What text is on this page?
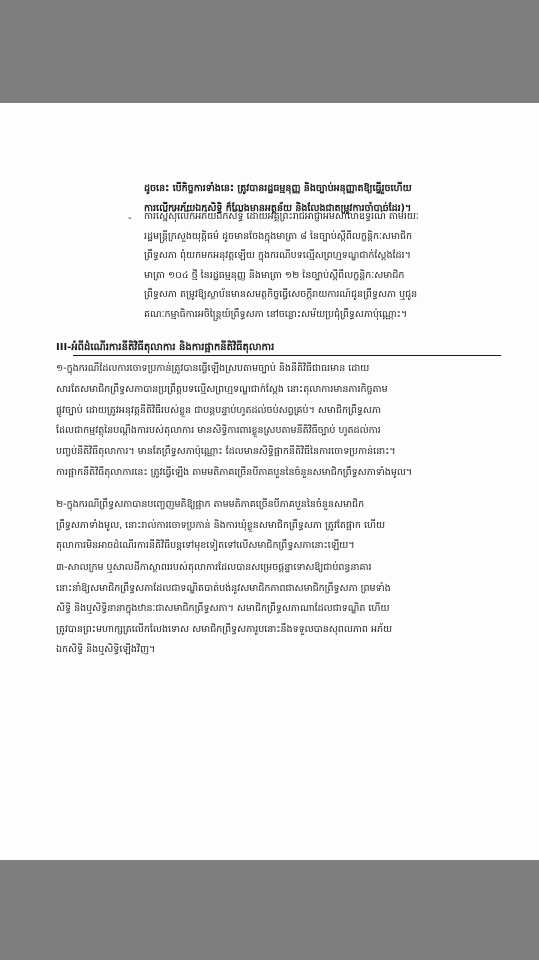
ដូចនេះ បើកិច្ចការទាំងនេះ ត្រូវបានរដ្ឋធម្មនុញ្ញ និងច្បាប់អនុញ្ញាតឱ្យធ្វើរួចហើយ
ការលើកអភ័យឯកសិទ្ធិ ក៏លែងមានអត្ថន័យ និងលែងជាតម្រូវការចាំបាច់ដែរ)។
- ការស្នើសុំលើកអភ័យឯកសិទ្ធិ ដោយអគ្គព្រះរាជអាជ្ញាអមសាលាឧទ្ធរណ៍ តាមរយៈ
រដ្ឋមន្ត្រីក្រសួងយុត្តិធម៌ ដូចមានចែងក្នុងមាត្រា ៨ នៃច្បាប់ស្តីពីលក្ខន្តិកៈសមាជិក
ព្រឹទ្ធសភា ពុំយកមកអនុវត្តឡើយ ក្នុងករណីបទល្មើសព្រហ្មទណ្ឌជាក់ស្តែងដែរ។
មាត្រា ១០៤ ថ្មី នៃរដ្ឋធម្មនុញ្ញ និងមាត្រា ១២ នៃច្បាប់ស្តីពីលក្ខន្តិកៈសមាជិក
ព្រឹទ្ធសភា តម្រូវឱ្យស្ថាប័នមានសមត្ថកិច្ចធ្វើសេចក្តីរាយការណ៍ជូនព្រឹទ្ធសភា ឬជូន
គណៈកម្មាធិការអចិន្ត្រៃយ៍ព្រឹទ្ធសភា នៅចន្លោះសម័យប្រជុំព្រឹទ្ធសភាប៉ុណ្ណោះ។
III-អំពីដំណើរការនីតិវិធីតុលាការ និងការផ្អាកនីតិវិធីតុលាការ
១-ក្នុងករណីដែលការចោទប្រកាន់ត្រូវបានធ្វើឡើងស្របតាមច្បាប់ និងនីតិវិធីជាធរមាន ដោយ
សារតែសមាជិកព្រឹទ្ធសភាបានប្រព្រឹត្តបទល្មើសព្រហ្មទណ្ឌជាក់ស្តែង នោះតុលាការមានភារកិច្ចតាម
ផ្លូវច្បាប់ ដោយត្រូវអនុវត្តនីតិវិធីរបស់ខ្លួន ជាបន្តបន្ទាប់ហូតដល់ចប់សព្វគ្រប់។ សមាជិកព្រឹទ្ធសភា
ដែលជាកម្មវត្ថុនៃបណ្តឹងការបស់តុលាការ មានសិទ្ធិការពារខ្លួនស្របតាមនីតិវិធីច្បាប់ ហូតដល់ការ
បញ្ចប់នីតិវិធីតុលាការ។ មានតែព្រឹទ្ធសភាប៉ុណ្ណោះ ដែលមានសិទ្ធិផ្អាកនីតិវិធីនៃការចោទប្រកាន់នោះ។
ការផ្អាកនីតិវិធីតុលាការនេះ ត្រូវធ្វើឡើង តាមមតិភាគច្រើនបីភាគបួននៃចំនួនសមាជិកព្រឹទ្ធសភាទាំងមូល។
២-ក្នុងករណីព្រឹទ្ធសភាបានបញ្ចេញមតិឱ្យផ្អាក តាមមតិភាគច្រើនបីភាគបួននៃចំនួនសមាជិក
ព្រឹទ្ធសភាទាំងមូល, នោះរាល់ការចោទប្រកាន់ និងការឃុំខ្លួនសមាជិកព្រឹទ្ធសភា ត្រូវតែផ្អាក ហើយ
តុលាការមិនអាចដំណើរការនីតិវិធីបន្តទៅមុខទៀតទៅលើសមាជិកព្រឹទ្ធសភានោះឡើយ។
៣-សាលក្រម ឬសាលដីកាស្ថាពររបស់តុលាការដែលបានសម្រេចផ្តន្ទាទោសឱ្យជាប់ពន្ធនាគារ
នោះនាំឱ្យសមាជិកព្រឹទ្ធសភាដែលជាទណ្ឌិតបាត់បង់នូវសមាជិកភាពជាសមាជិកព្រឹទ្ធសភា ព្រមទាំង
សិទ្ធិ និងឬសិទ្ធិនានាក្នុងឋានៈជាសមាជិកព្រឹទ្ធសភា។ សមាជិកព្រឹទ្ធសភាណាដែលជាទណ្ឌិត ហើយ
ត្រូវបានព្រះមហាក្សត្រលើកលែងទោស សមាជិកព្រឹទ្ធសភារូបនោះនឹងទទួលបានសុពលភាព អភ័យ
ឯកសិទ្ធិ និងឬសិទ្ធិឡើងវិញ។
